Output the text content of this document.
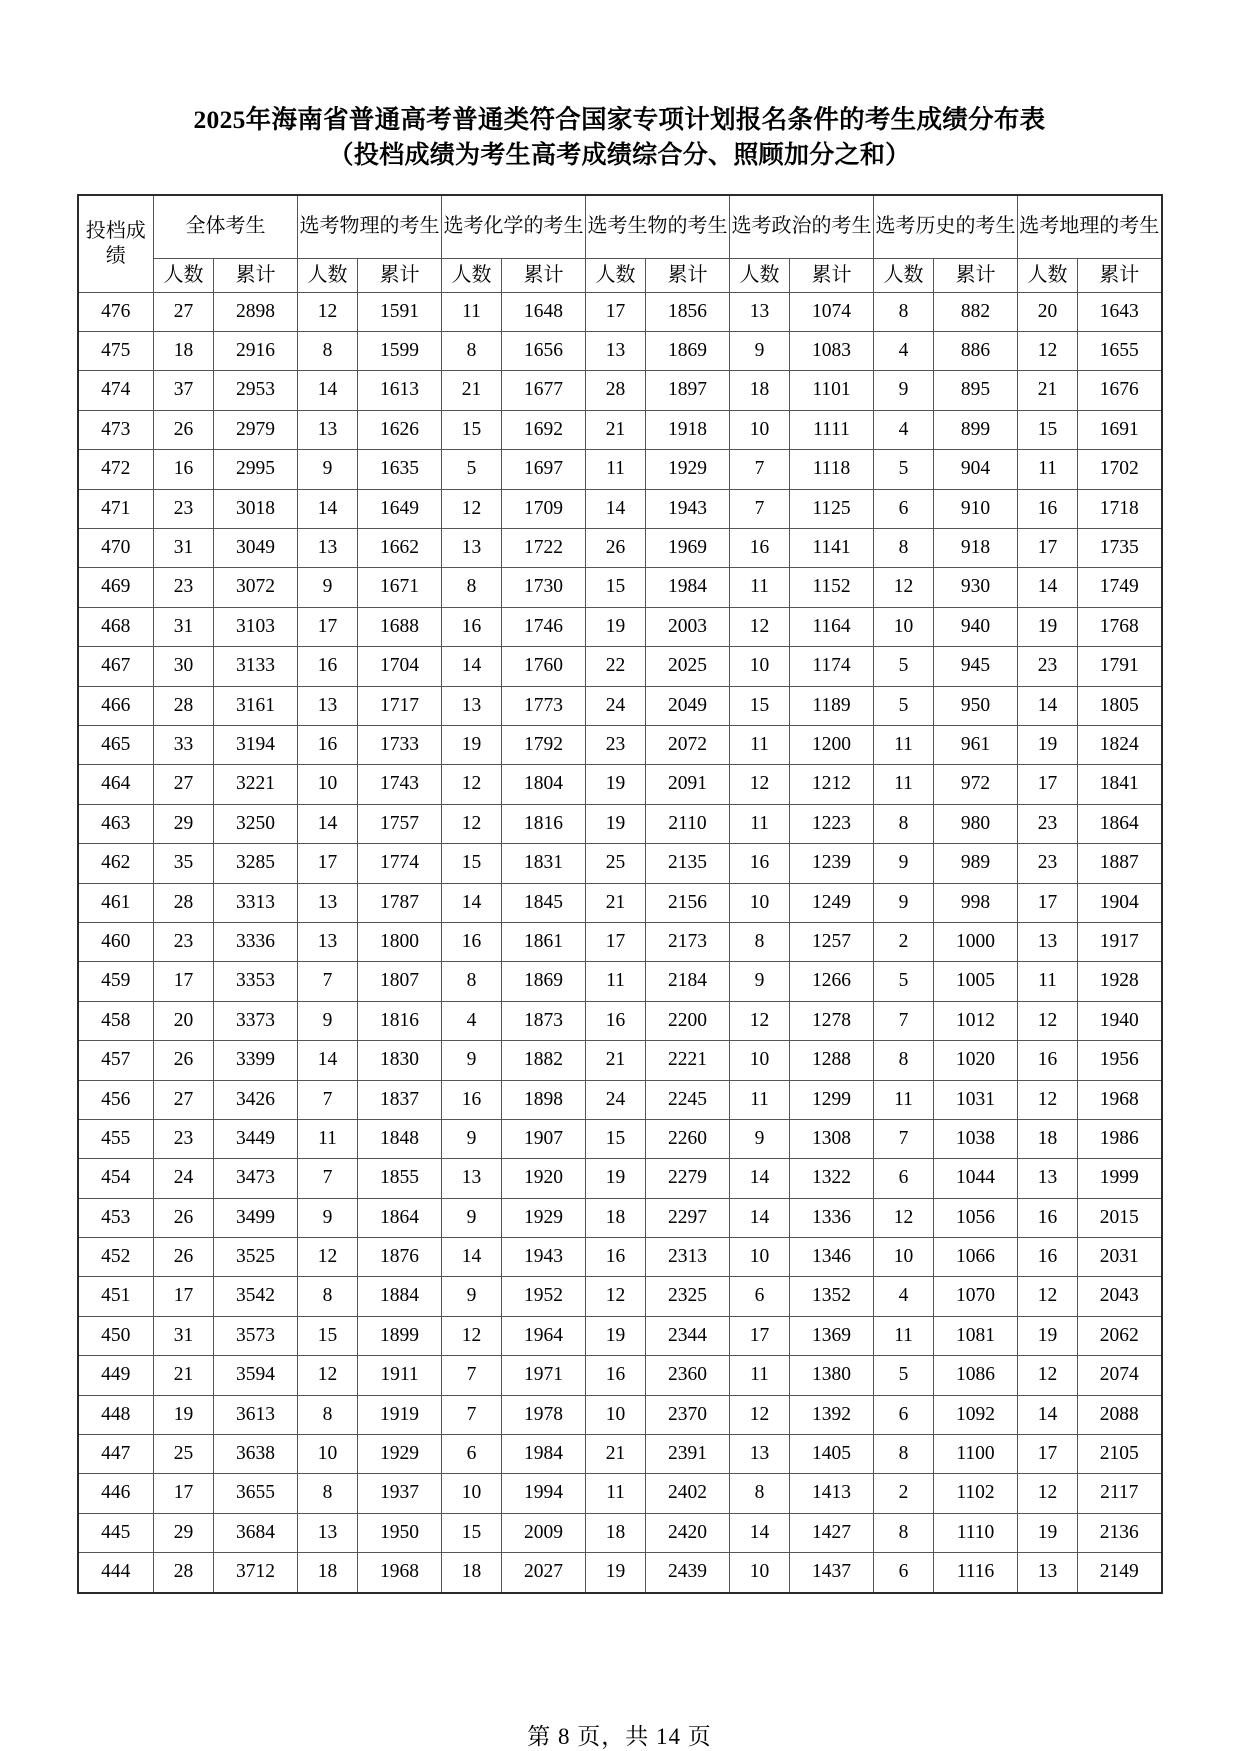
2025年海南省普通高考普通类符合国家专项计划报名条件的考生成绩分布表
（投档成绩为考生高考成绩综合分、照顾加分之和）
投档成绩	全体考生		选考物理的考生		选考化学的考生		选考生物的考生		选考政治的考生		选考历史的考生		选考地理的考生	
	人数	累计	人数	累计	人数	累计	人数	累计	人数	累计	人数	累计	人数	累计
476	27	2898	12	1591	11	1648	17	1856	13	1074	8	882	20	1643
475	18	2916	8	1599	8	1656	13	1869	9	1083	4	886	12	1655
474	37	2953	14	1613	21	1677	28	1897	18	1101	9	895	21	1676
473	26	2979	13	1626	15	1692	21	1918	10	1111	4	899	15	1691
472	16	2995	9	1635	5	1697	11	1929	7	1118	5	904	11	1702
471	23	3018	14	1649	12	1709	14	1943	7	1125	6	910	16	1718
470	31	3049	13	1662	13	1722	26	1969	16	1141	8	918	17	1735
469	23	3072	9	1671	8	1730	15	1984	11	1152	12	930	14	1749
468	31	3103	17	1688	16	1746	19	2003	12	1164	10	940	19	1768
467	30	3133	16	1704	14	1760	22	2025	10	1174	5	945	23	1791
466	28	3161	13	1717	13	1773	24	2049	15	1189	5	950	14	1805
465	33	3194	16	1733	19	1792	23	2072	11	1200	11	961	19	1824
464	27	3221	10	1743	12	1804	19	2091	12	1212	11	972	17	1841
463	29	3250	14	1757	12	1816	19	2110	11	1223	8	980	23	1864
462	35	3285	17	1774	15	1831	25	2135	16	1239	9	989	23	1887
461	28	3313	13	1787	14	1845	21	2156	10	1249	9	998	17	1904
460	23	3336	13	1800	16	1861	17	2173	8	1257	2	1000	13	1917
459	17	3353	7	1807	8	1869	11	2184	9	1266	5	1005	11	1928
458	20	3373	9	1816	4	1873	16	2200	12	1278	7	1012	12	1940
457	26	3399	14	1830	9	1882	21	2221	10	1288	8	1020	16	1956
456	27	3426	7	1837	16	1898	24	2245	11	1299	11	1031	12	1968
455	23	3449	11	1848	9	1907	15	2260	9	1308	7	1038	18	1986
454	24	3473	7	1855	13	1920	19	2279	14	1322	6	1044	13	1999
453	26	3499	9	1864	9	1929	18	2297	14	1336	12	1056	16	2015
452	26	3525	12	1876	14	1943	16	2313	10	1346	10	1066	16	2031
451	17	3542	8	1884	9	1952	12	2325	6	1352	4	1070	12	2043
450	31	3573	15	1899	12	1964	19	2344	17	1369	11	1081	19	2062
449	21	3594	12	1911	7	1971	16	2360	11	1380	5	1086	12	2074
448	19	3613	8	1919	7	1978	10	2370	12	1392	6	1092	14	2088
447	25	3638	10	1929	6	1984	21	2391	13	1405	8	1100	17	2105
446	17	3655	8	1937	10	1994	11	2402	8	1413	2	1102	12	2117
445	29	3684	13	1950	15	2009	18	2420	14	1427	8	1110	19	2136
444	28	3712	18	1968	18	2027	19	2439	10	1437	6	1116	13	2149
第 8 页，共 14 页
